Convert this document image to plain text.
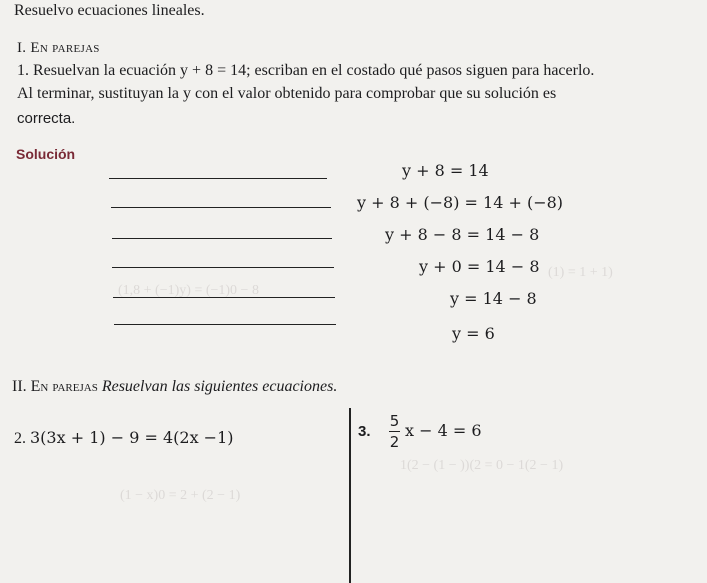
Resuelvo ecuaciones lineales.
I. En parejas
1. Resuelvan la ecuación y + 8 = 14; escriban en el costado qué pasos siguen para hacerlo.
Al terminar, sustituyan la y con el valor obtenido para comprobar que su solución es
correcta.
Solución
(1,8 + (−1)y) = (−1)0 − 8
(1) = 1 + 1)
1(2 − (1 − ))(2 = 0 − 1(2 − 1)
(1 − x)0 = 2 + (2 − 1)
y + 8 = 14
y + 8 + (−8) = 14 + (−8)
y + 8 − 8 = 14 − 8
y + 0 = 14 − 8
y = 14 − 8
y = 6
II. En parejas Resuelvan las siguientes ecuaciones.
2. 3(3x + 1) − 9 = 4(2x −1)	3.
5
2
x − 4 = 6
